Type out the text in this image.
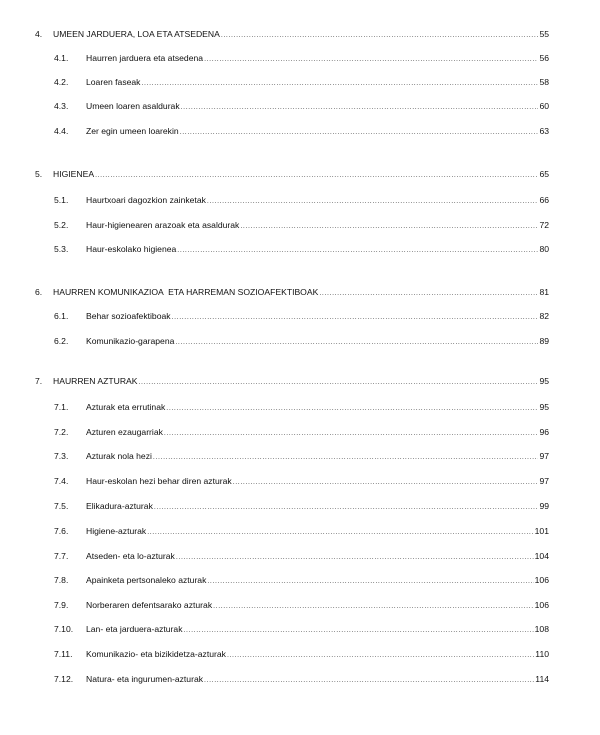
4. UMEEN JARDUERA, LOA ETA ATSEDENA .....	55
4.1. Haurren jarduera eta atsedena .....	56
4.2. Loaren faseak .....	58
4.3. Umeen loaren asaldurak .....	60
4.4. Zer egin umeen loarekin .....	63
5. HIGIENEA .....	65
5.1. Haurtxoari dagozkion zainketak .....	66
5.2. Haur-higienearen arazoak eta asaldurak .....	72
5.3. Haur-eskolako higienea .....	80
6. HAURREN KOMUNIKAZIOA  ETA HARREMAN SOZIOAFEKTIBOAK .....	81
6.1. Behar sozioafektiboak .....	82
6.2. Komunikazio-garapena .....	89
7. HAURREN AZTURAK .....	95
7.1. Azturak eta errutinak .....	95
7.2. Azturen ezaugarriak .....	96
7.3. Azturak nola hezi .....	97
7.4. Haur-eskolan hezi behar diren azturak .....	97
7.5. Elikadura-azturak .....	99
7.6. Higiene-azturak .....	101
7.7. Atseden- eta lo-azturak .....	104
7.8. Apainketa pertsonaleko azturak .....	106
7.9. Norberaren defentsarako azturak .....	106
7.10. Lan- eta jarduera-azturak .....	108
7.11. Komunikazio- eta bizikidetza-azturak .....	110
7.12. Natura- eta ingurumen-azturak .....	114
